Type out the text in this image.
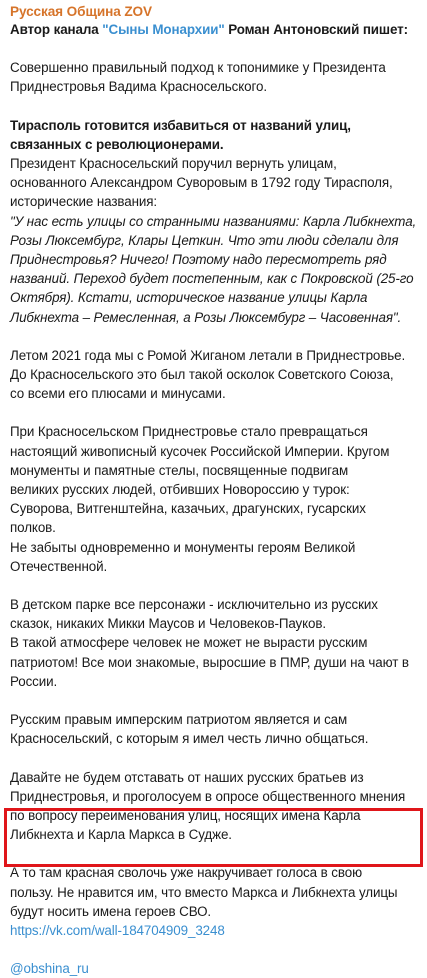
Русская Община ZOV

Автор канала "Сыны Монархии" Роман Антоновский пишет:

Совершенно правильный подход к топонимике у Президента
Приднестровья Вадима Красносельского.

Тирасполь готовится избавиться от названий улиц,
связанных с революционерами.

Президент Красносельский поручил вернуть улицам,
основанного Александром Суворовым в 1792 году Тирасполя,
исторические названия:

"У нас есть улицы со странными названиями: Карла Либкнехта,
Розы Люксембург, Клары Цеткин. Что эти люди сделали для
Приднестровья? Ничего! Поэтому надо пересмотреть ряд
названий. Переход будет постепенным, как с Покровской (25-го
Октября). Кстати, историческое название улицы Карла
Либкнехта – Ремесленная, а Розы Люксембург – Часовенная".

Летом 2021 года мы с Ромой Жиганом летали в Приднестровье.
До Красносельского это был такой осколок Советского Союза,
со всеми его плюсами и минусами.

При Красносельском Приднестровье стало превращаться
настоящий живописный кусочек Российской Империи. Кругом
монументы и памятные стелы, посвященные подвигам
великих русских людей, отбивших Новороссию у турок:
Суворова, Витгенштейна, казачьих, драгунских, гусарских
полков.
Не забыты одновременно и монументы героям Великой
Отечественной.

В детском парке все персонажи - исключительно из русских
сказок, никаких Микки Маусов и Человеков-Пауков.
В такой атмосфере человек не может не вырасти русским
патриотом! Все мои знакомые, выросшие в ПМР, души на чают в
России.

Русским правым имперским патриотом является и сам
Красносельский, с которым я имел честь лично общаться.

Давайте не будем отставать от наших русских братьев из
Приднестровья, и проголосуем в опросе общественного мнения
по вопросу переименования улиц, носящих имена Карла
Либкнехта и Карла Маркса в Судже.

А то там красная сволочь уже накручивает голоса в свою
пользу. Не нравится им, что вместо Маркса и Либкнехта улицы
будут носить имена героев СВО.

https://vk.com/wall-184704909_3248
@obshina_ru
